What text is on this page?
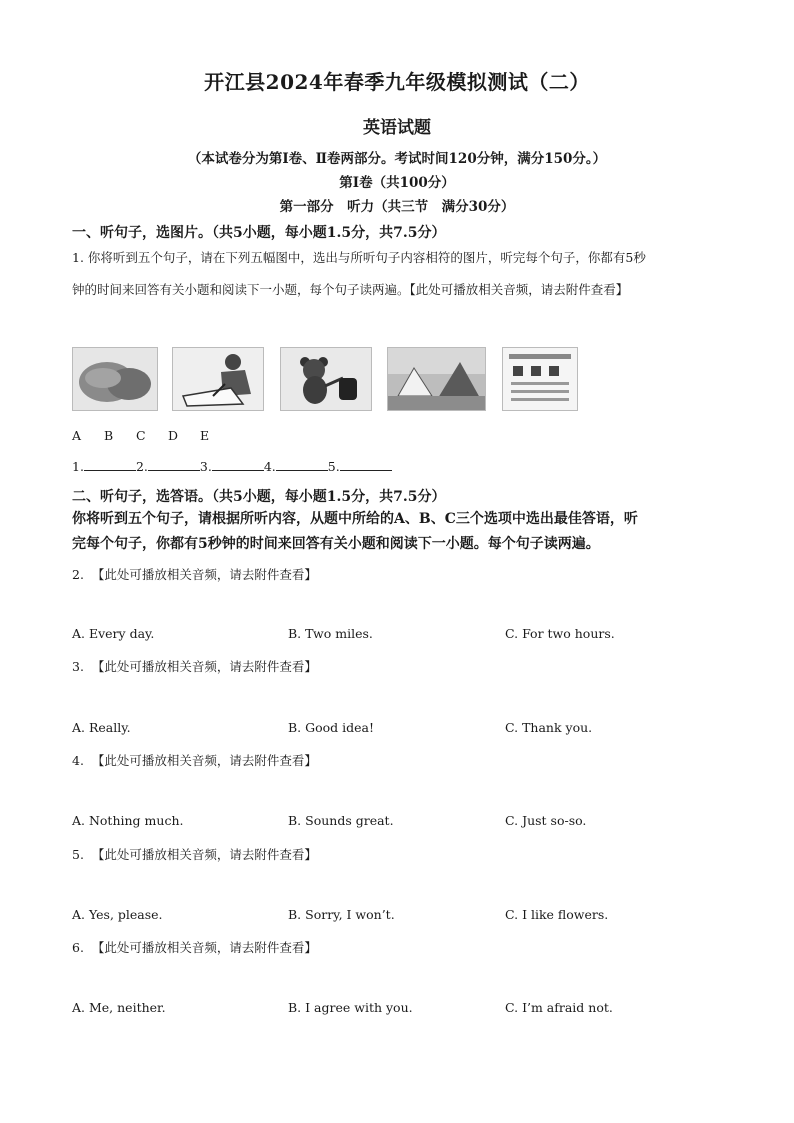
开江县2024年春季九年级模拟测试（二）
英语试题
（本试卷分为第Ⅰ卷、Ⅱ卷两部分。考试时间120分钟，满分150分。）
第Ⅰ卷（共100分）
第一部分　听力（共三节　满分30分）
一、听句子，选图片。（共5小题，每小题1.5分，共7.5分）
1. 你将听到五个句子，请在下列五幅图中，选出与所听句子内容相符的图片，听完每个句子，你都有5秒
钟的时间来回答有关小题和阅读下一小题，每个句子读两遍。【此处可播放相关音频，请去附件查看】
A B C D E
1.	2.	3.	4.	5.
二、听句子，选答语。（共5小题，每小题1.5分，共7.5分）
你将听到五个句子，请根据所听内容，从题中所给的A、B、C三个选项中选出最佳答语，听
完每个句子，你都有5秒钟的时间来回答有关小题和阅读下一小题。每个句子读两遍。
2. 【此处可播放相关音频，请去附件查看】
A. Every day.	B. Two miles.	C. For two hours.
3. 【此处可播放相关音频，请去附件查看】
A. Really.	B. Good idea!	C. Thank you.
4. 【此处可播放相关音频，请去附件查看】
A. Nothing much.	B. Sounds great.	C. Just so-so.
5. 【此处可播放相关音频，请去附件查看】
A. Yes, please.	B. Sorry, I won’t.	C. I like flowers.
6. 【此处可播放相关音频，请去附件查看】
A. Me, neither.	B. I agree with you.	C. I’m afraid not.
